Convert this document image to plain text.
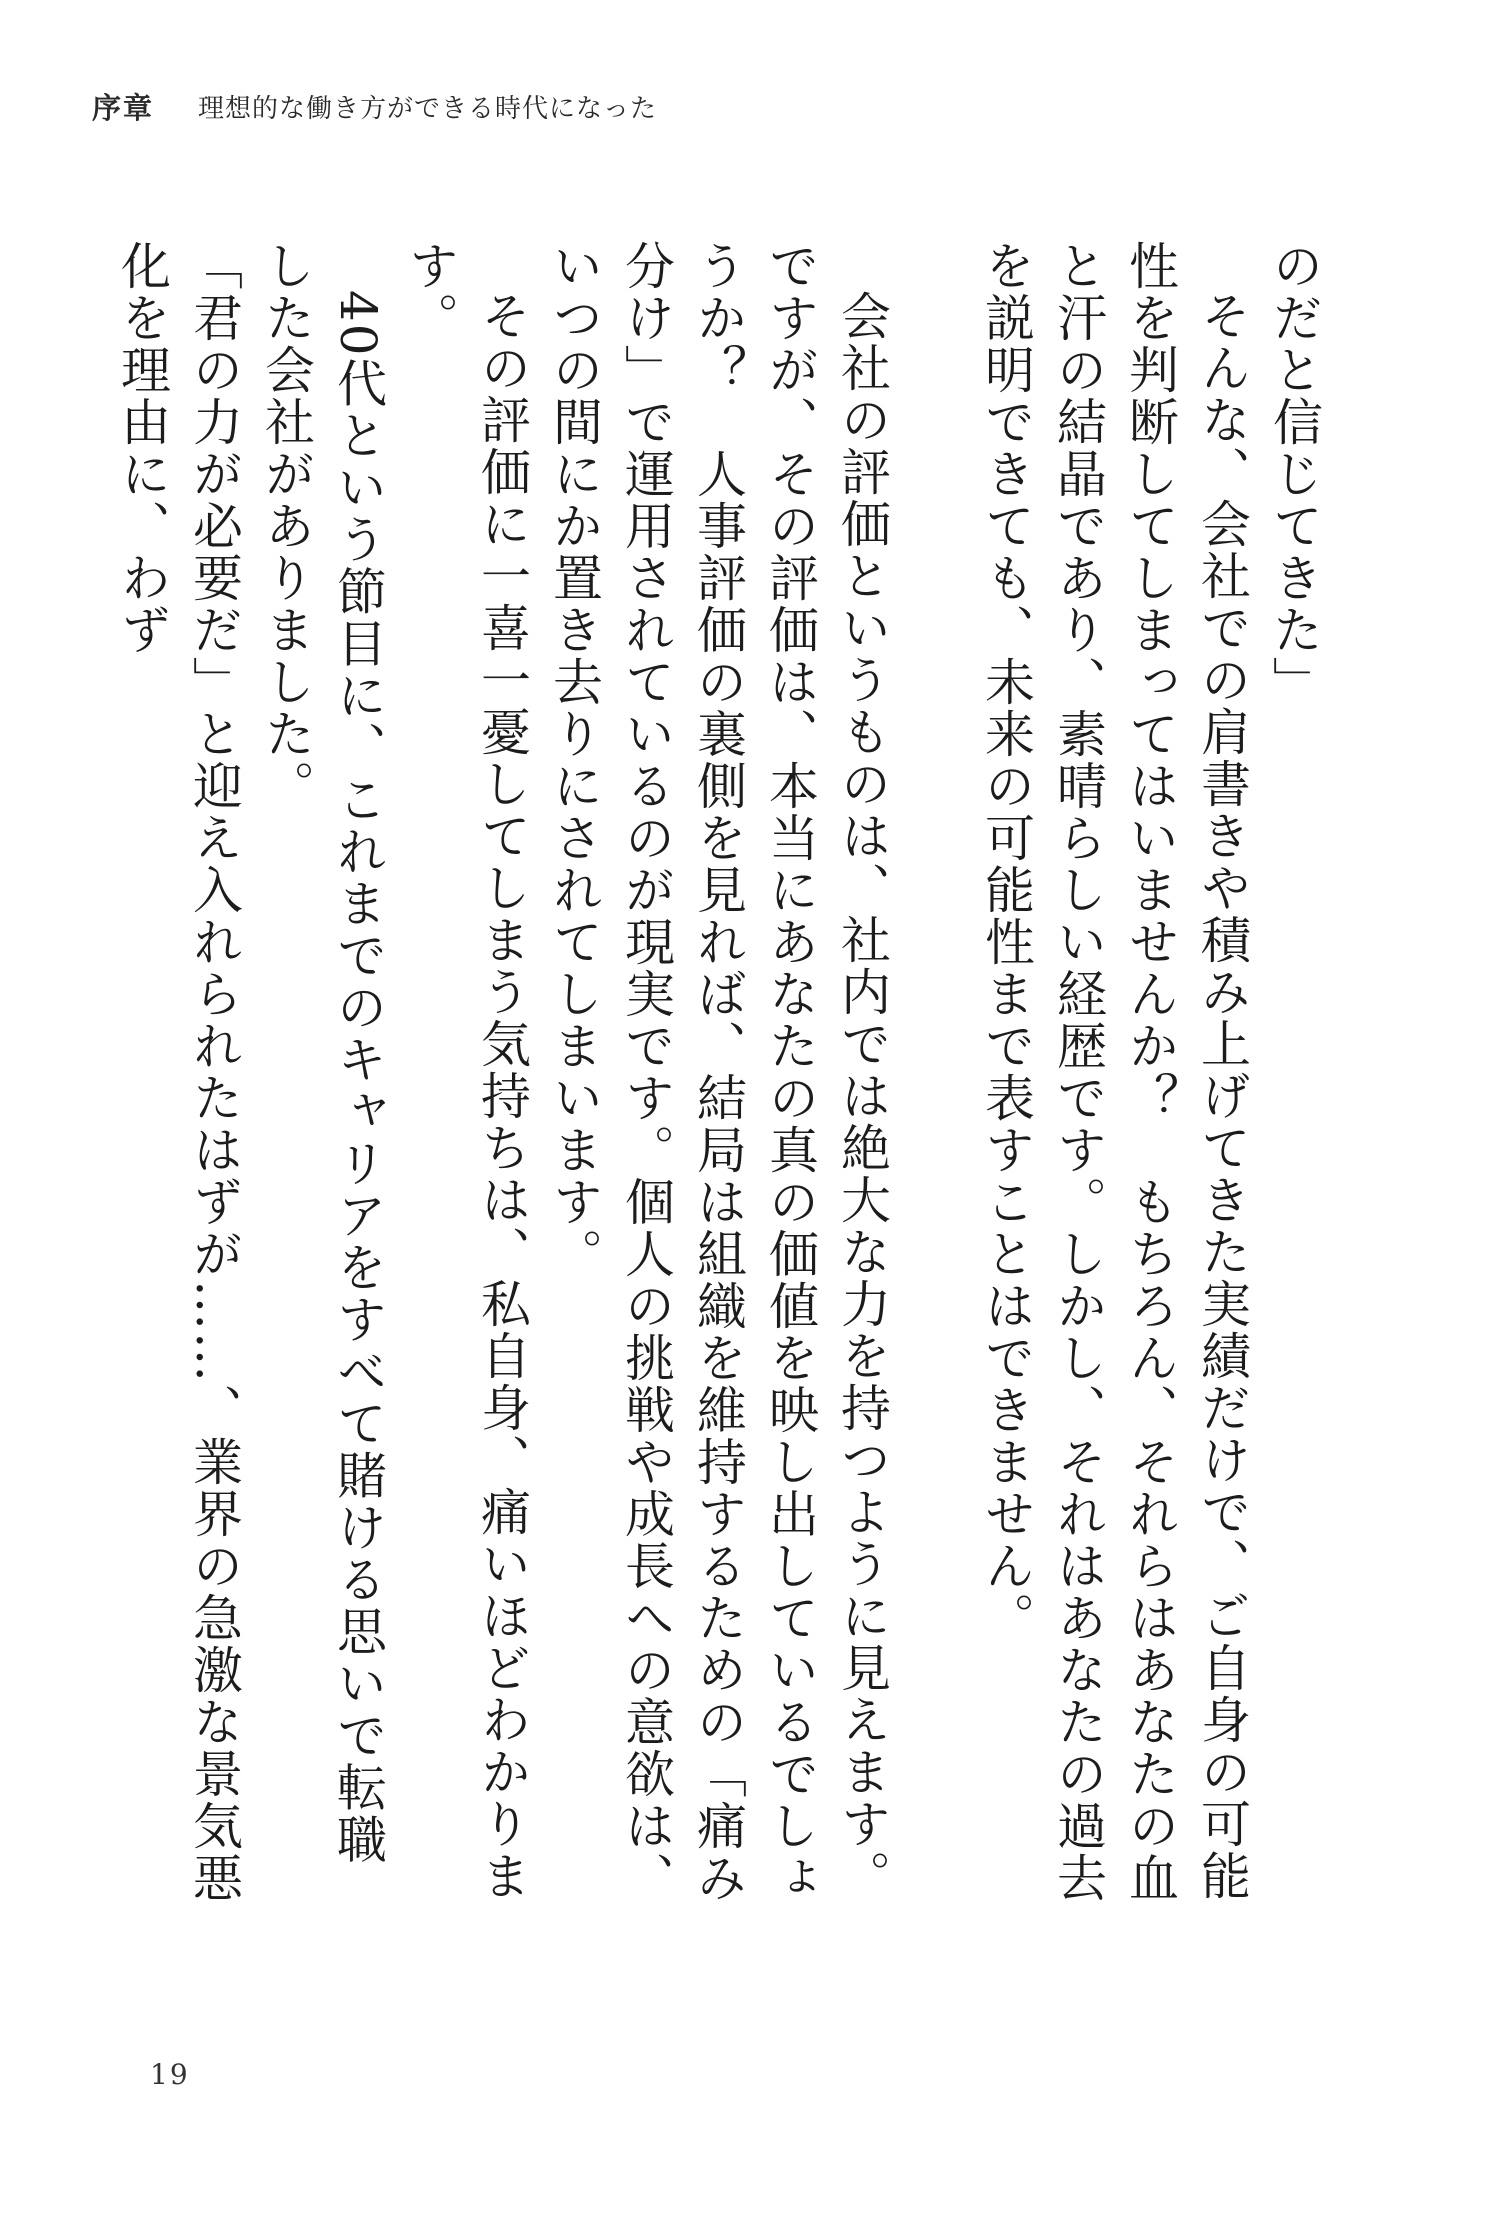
序章 理想的な働き方ができる時代になった

のだと信じてきた」

そんな、会社での肩書きや積み上げてきた実績だけで、ご自身の可能性を判断してしまってはいませんか？　もちろん、それらはあなたの血と汗の結晶であり、素晴らしい経歴です。しかし、それはあなたの過去を説明できても、未来の可能性まで表すことはできません。

会社の評価というものは、社内では絶大な力を持つように見えます。ですが、その評価は、本当にあなたの真の価値を映し出しているでしょうか？　人事評価の裏側を見れば、結局は組織を維持するための「痛み分け」で運用されているのが現実です。個人の挑戦や成長への意欲は、いつの間にか置き去りにされてしまいます。

その評価に一喜一憂してしまう気持ちは、私自身、痛いほどわかります。

40代という節目に、これまでのキャリアをすべて賭ける思いで転職した会社がありました。

「君の力が必要だ」と迎え入れられたはずが……、業界の急激な景気悪化を理由に、わず

19
